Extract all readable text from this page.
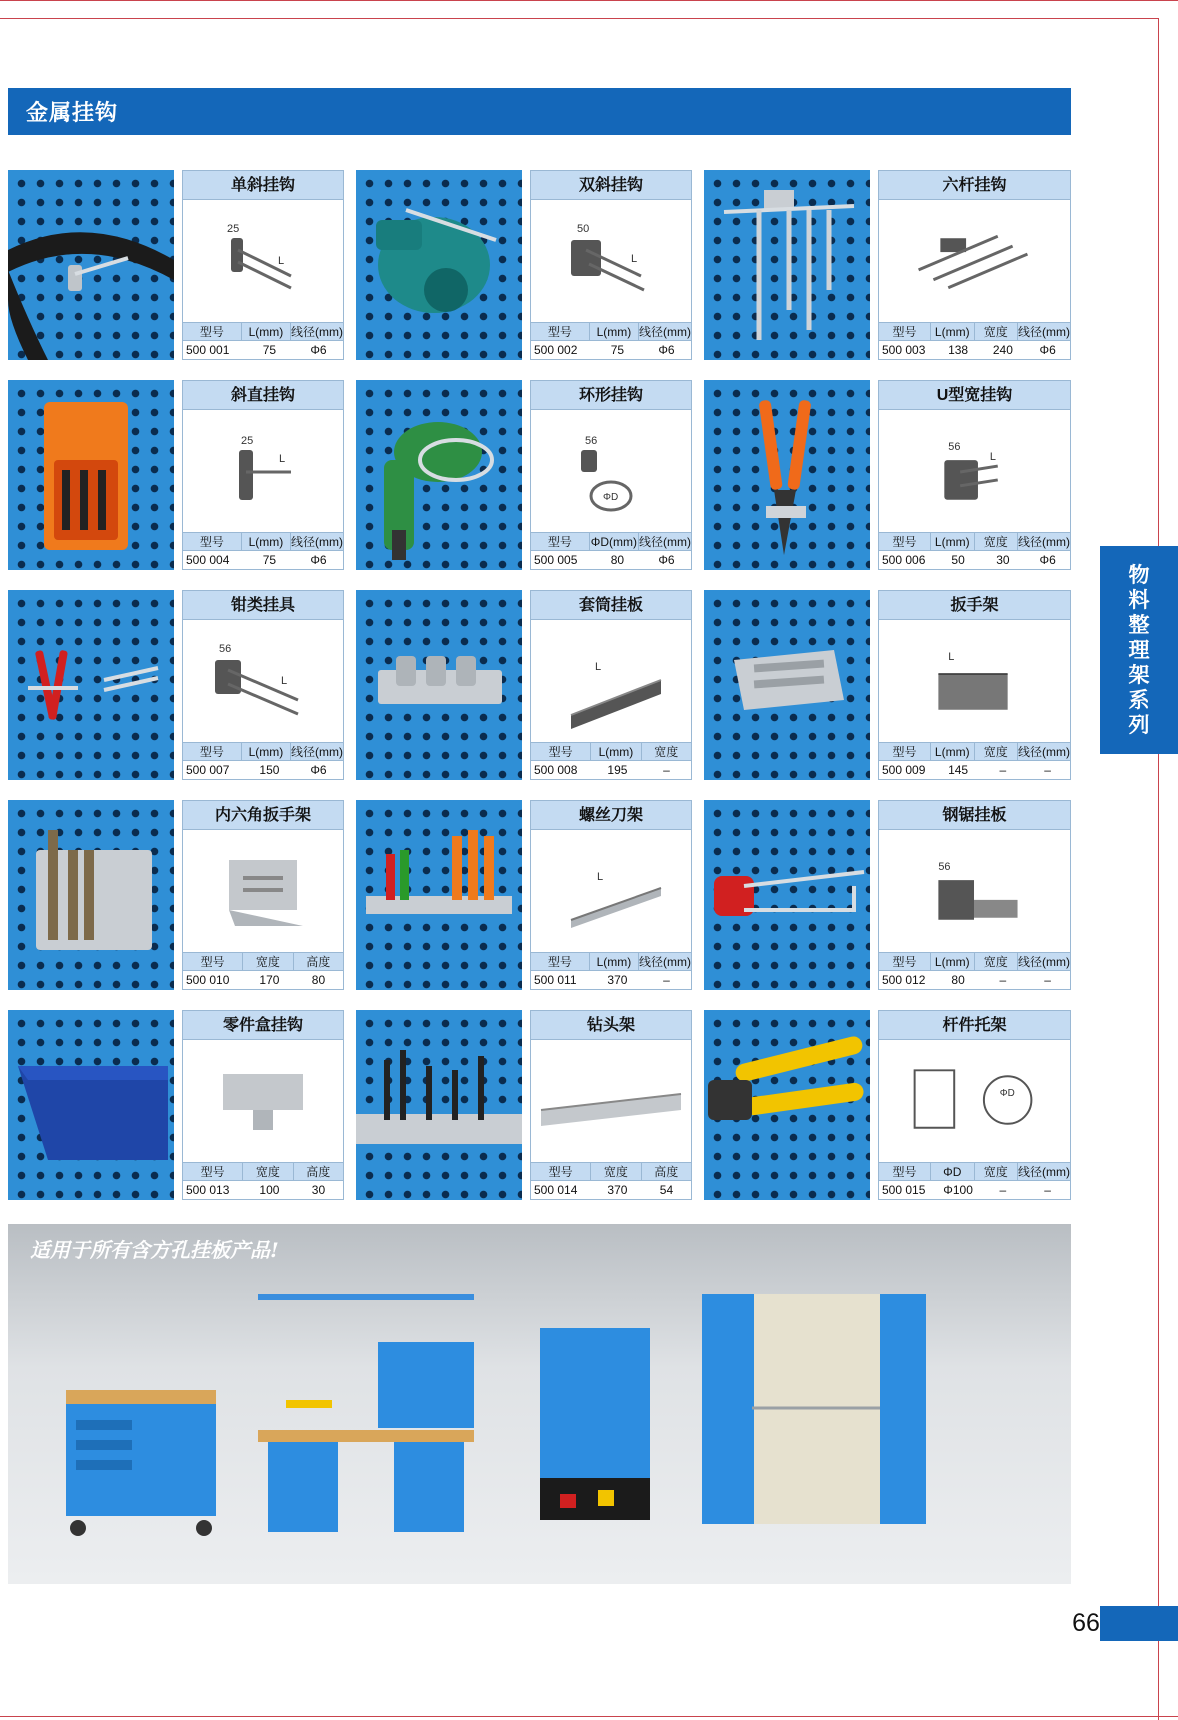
金属挂钩
物
料
整
理
架
系
列
单斜挂钩
25
L
型号	L(mm) 线径(mm)
500 001	75	Φ6
双斜挂钩
50
L
型号	L(mm) 线径(mm)
500 002	75	Φ6
六杆挂钩
型号	L(mm)	宽度 线径(mm)
500 003	138	240	Φ6
斜直挂钩
25
L
型号	L(mm) 线径(mm)
500 004	75	Φ6
环形挂钩
56
ΦD
型号	ΦD(mm) 线径(mm)
500 005	80	Φ6
U型宽挂钩
56
L
型号	L(mm)	宽度 线径(mm)
500 006	50	30	Φ6
钳类挂具
56
L
型号	L(mm) 线径(mm)
500 007	150	Φ6
套筒挂板
L
型号	L(mm)	宽度
500 008	195	–
扳手架
L
型号	L(mm)	宽度 线径(mm)
500 009	145	–	–
内六角扳手架
型号	宽度	高度
500 010	170	80
螺丝刀架
L
型号	L(mm) 线径(mm)
500 011	370	–
钢锯挂板
56
型号	L(mm)	宽度 线径(mm)
500 012	80	–	–
零件盒挂钩
型号	宽度	高度
500 013	100	30
钻头架
型号	宽度	高度
500 014	370	54
杆件托架
ΦD
型号	ΦD	宽度 线径(mm)
500 015	Φ100	–	–
适用于所有含方孔挂板产品!
66
